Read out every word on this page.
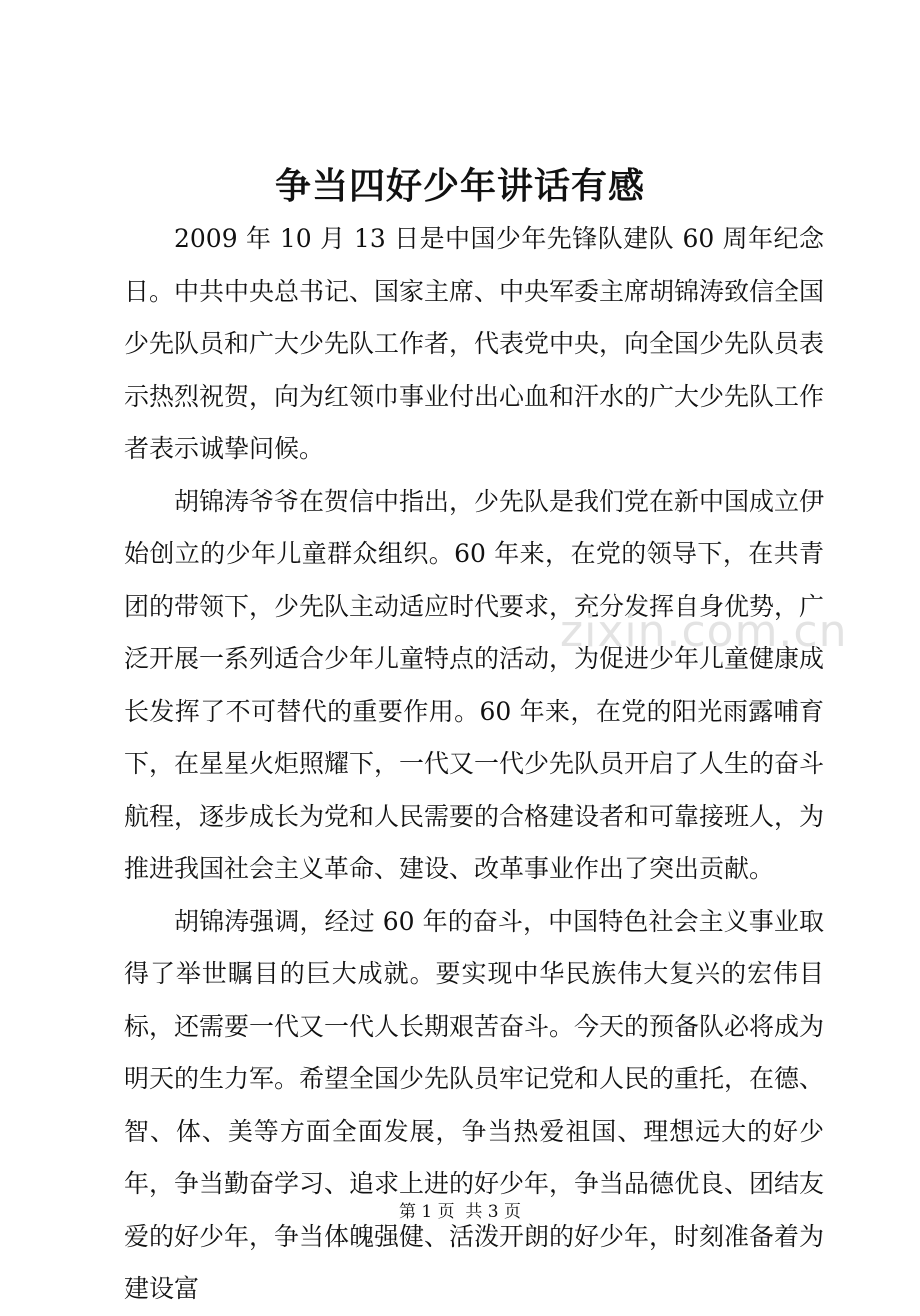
争当四好少年讲话有感

2009 年 10 月 13 日是中国少年先锋队建队 60 周年纪念日。中共中央总书记、国家主席、中央军委主席胡锦涛致信全国少先队员和广大少先队工作者，代表党中央，向全国少先队员表示热烈祝贺，向为红领巾事业付出心血和汗水的广大少先队工作者表示诚挚问候。

胡锦涛爷爷在贺信中指出，少先队是我们党在新中国成立伊始创立的少年儿童群众组织。60 年来，在党的领导下，在共青团的带领下，少先队主动适应时代要求，充分发挥自身优势，广泛开展一系列适合少年儿童特点的活动，为促进少年儿童健康成长发挥了不可替代的重要作用。60 年来，在党的阳光雨露哺育下，在星星火炬照耀下，一代又一代少先队员开启了人生的奋斗航程，逐步成长为党和人民需要的合格建设者和可靠接班人，为推进我国社会主义革命、建设、改革事业作出了突出贡献。

胡锦涛强调，经过 60 年的奋斗，中国特色社会主义事业取得了举世瞩目的巨大成就。要实现中华民族伟大复兴的宏伟目标，还需要一代又一代人长期艰苦奋斗。今天的预备队必将成为明天的生力军。希望全国少先队员牢记党和人民的重托，在德、智、体、美等方面全面发展，争当热爱祖国、理想远大的好少年，争当勤奋学习、追求上进的好少年，争当品德优良、团结友爱的好少年，争当体魄强健、活泼开朗的好少年，时刻准备着为建设富

zixin.com.cn
第 1 页  共 3 页
